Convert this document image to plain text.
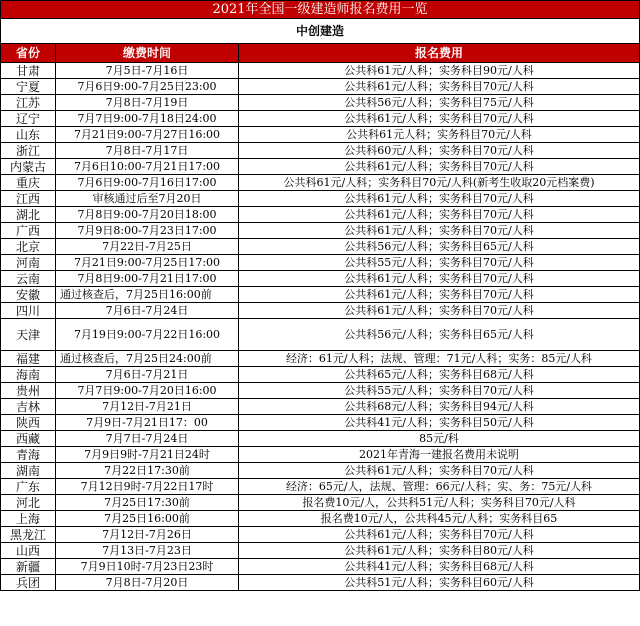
2021年全国一级建造师报名费用一览		
中创建造		
省份	缴费时间	报名费用
甘肃	7月5日-7月16日	公共科61元/人科；实务科目90元/人科
宁夏	7月6日9:00-7月25日23:00	公共科61元/人科；实务科目70元/人科
江苏	7月8日-7月19日	公共科56元/人科；实务科目75元/人科
辽宁	7月7日9:00-7月18日24:00	公共科61元/人科；实务科目70元/人科
山东	7月21日9:00-7月27日16:00	公共科61元人科；实务科目70元/人科
浙江	7月8日-7月17日	公共科60元/人科；实务科目70元/人科
内蒙古	7月6日10:00-7月21日17:00	公共科61元/人科；实务科目70元/人科
重庆	7月6日9:00-7月16日17:00	公共科61元/人科；实务科目70元/人科(新考生收取20元档案费)
江西	审核通过后至7月20日	公共科61元/人科；实务科目70元/人科
湖北	7月8日9:00-7月20日18:00	公共科61元/人科；实务科目70元/人科
广西	7月9日8:00-7月23日17:00	公共科61元/人科；实务科目70元/人科
北京	7月22日-7月25日	公共科56元/人科；实务科目65元/人科
河南	7月21日9:00-7月25日17:00	公共科55元/人科；实务科目70元/人科
云南	7月8日9:00-7月21日17:00	公共科61元/人科；实务科目70元/人科
安徽	通过核查后，7月25日16:00前	公共科61元/人科；实务科目70元/人科
四川	7月6日-7月24日	公共科61元/人科；实务科目70元/人科
天津	7月19日9:00-7月22日16:00	公共科56元/人科；实务科目65元/人科
福建	通过核查后，7月25日24:00前	经济：61元/人科；法规、管理：71元/人科；实务：85元/人科
海南	7月6日-7月21日	公共科65元/人科；实务科目68元/人科
贵州	7月7日9:00-7月20日16:00	公共科55元/人科；实务科目70元/人科
吉林	7月12日-7月21日	公共科68元/人科；实务科目94元/人科
陕西	7月9日-7月21日17：00	公共科41元/人科；实务科目50元/人科
西藏	7月7日-7月24日	85元/科
青海	7月9日9时-7月21日24时	2021年青海一建报名费用未说明
湖南	7月22日17:30前	公共科61元/人科；实务科目70元/人科
广东	7月12日9时-7月22日17时	经济：65元/人，法规、管理：66元/人科；实、务：75元/人科
河北	7月25日17:30前	报名费10元/人，公共科51元/人科；实务科目70元/人科
上海	7月25日16:00前	报名费10元/人，公共科45元/人科；实务科目65
黑龙江	7月12日-7月26日	公共科61元/人科；实务科目70元/人科
山西	7月13日-7月23日	公共科61元/人科；实务科目80元/人科
新疆	7月9日10时-7月23日23时	公共科41元/人科；实务科目68元/人科
兵团	7月8日-7月20日	公共科51元/人科；实务科目60元/人科
